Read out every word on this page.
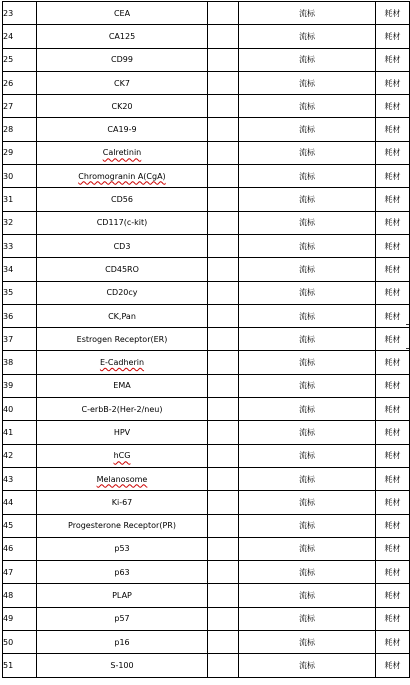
23	CEA		流标	耗材
24	CA125		流标	耗材
25	CD99		流标	耗材
26	CK7		流标	耗材
27	CK20		流标	耗材
28	CA19-9		流标	耗材
29	Calretinin		流标	耗材
30	Chromogranin A(CgA)		流标	耗材
31	CD56		流标	耗材
32	CD117(c-kit)		流标	耗材
33	CD3		流标	耗材
34	CD45RO		流标	耗材
35	CD20cy		流标	耗材
36	CK,Pan		流标	耗材
37	Estrogen Receptor(ER)		流标	耗材
38	E-Cadherin		流标	耗材
39	EMA		流标	耗材
40	C-erbB-2(Her-2/neu)		流标	耗材
41	HPV		流标	耗材
42	hCG		流标	耗材
43	Melanosome		流标	耗材
44	Ki-67		流标	耗材
45	Progesterone Receptor(PR)		流标	耗材
46	p53		流标	耗材
47	p63		流标	耗材
48	PLAP		流标	耗材
49	p57		流标	耗材
50	p16		流标	耗材
51	S-100		流标	耗材
